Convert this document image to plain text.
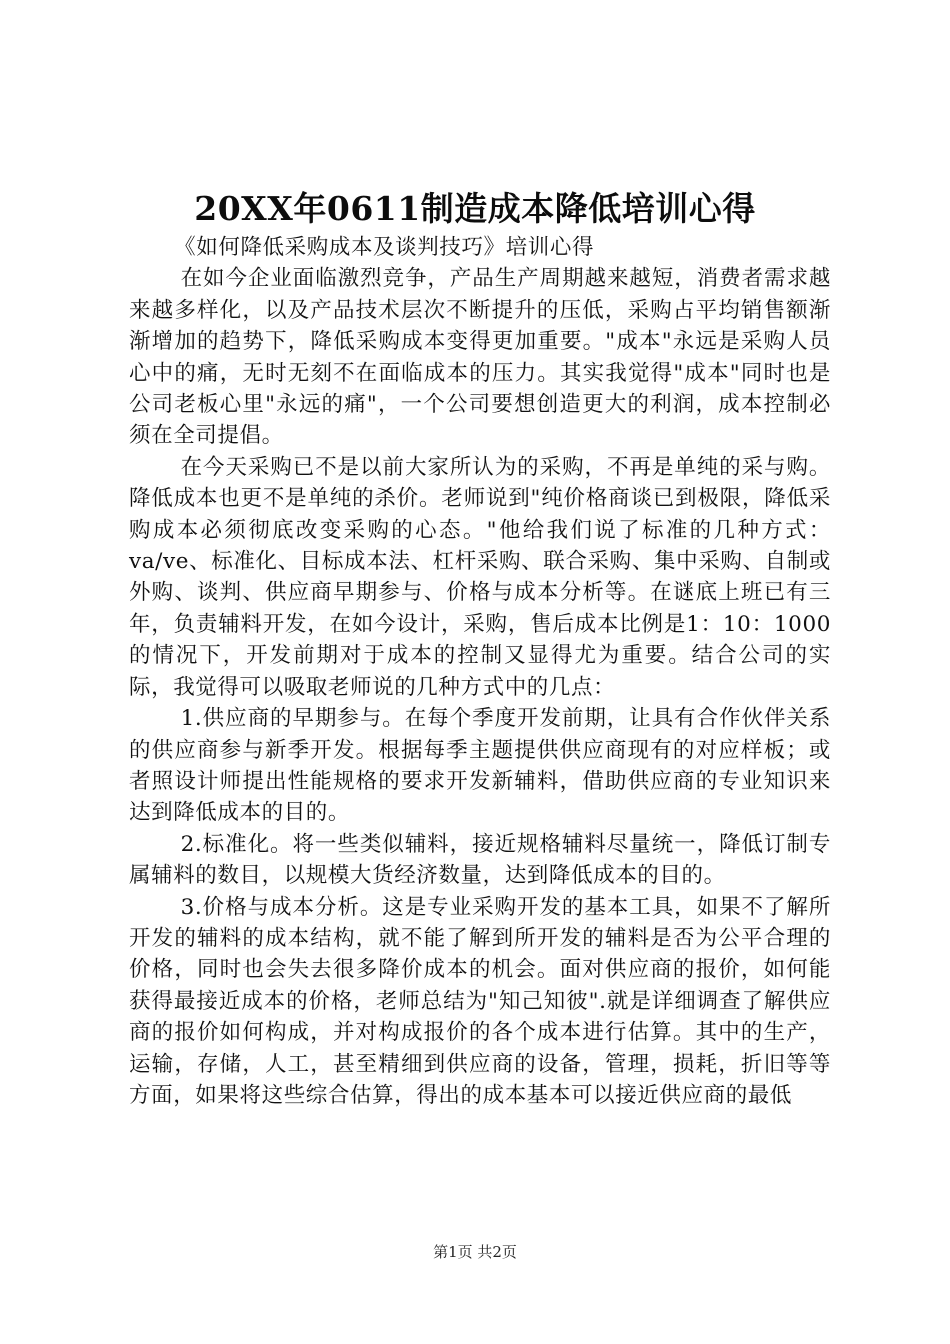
20XX年0611制造成本降低培训心得

《如何降低采购成本及谈判技巧》培训心得

在如今企业面临激烈竞争，产品生产周期越来越短，消费者需求越来越多样化，以及产品技术层次不断提升的压低，采购占平均销售额渐渐增加的趋势下，降低采购成本变得更加重要。"成本"永远是采购人员心中的痛，无时无刻不在面临成本的压力。其实我觉得"成本"同时也是公司老板心里"永远的痛"，一个公司要想创造更大的利润，成本控制必须在全司提倡。

在今天采购已不是以前大家所认为的采购，不再是单纯的采与购。降低成本也更不是单纯的杀价。老师说到"纯价格商谈已到极限，降低采购成本必须彻底改变采购的心态。"他给我们说了标准的几种方式：va/ve、标准化、目标成本法、杠杆采购、联合采购、集中采购、自制或外购、谈判、供应商早期参与、价格与成本分析等。在谜底上班已有三年，负责辅料开发，在如今设计，采购，售后成本比例是1：10：1000的情况下，开发前期对于成本的控制又显得尤为重要。结合公司的实际，我觉得可以吸取老师说的几种方式中的几点：

1.供应商的早期参与。在每个季度开发前期，让具有合作伙伴关系的供应商参与新季开发。根据每季主题提供供应商现有的对应样板；或者照设计师提出性能规格的要求开发新辅料，借助供应商的专业知识来达到降低成本的目的。

2.标准化。将一些类似辅料，接近规格辅料尽量统一，降低订制专属辅料的数目，以规模大货经济数量，达到降低成本的目的。

3.价格与成本分析。这是专业采购开发的基本工具，如果不了解所开发的辅料的成本结构，就不能了解到所开发的辅料是否为公平合理的价格，同时也会失去很多降价成本的机会。面对供应商的报价，如何能获得最接近成本的价格，老师总结为"知己知彼".就是详细调查了解供应商的报价如何构成，并对构成报价的各个成本进行估算。其中的生产，运输，存储，人工，甚至精细到供应商的设备，管理，损耗，折旧等等方面，如果将这些综合估算，得出的成本基本可以接近供应商的最低

第1页 共2页
